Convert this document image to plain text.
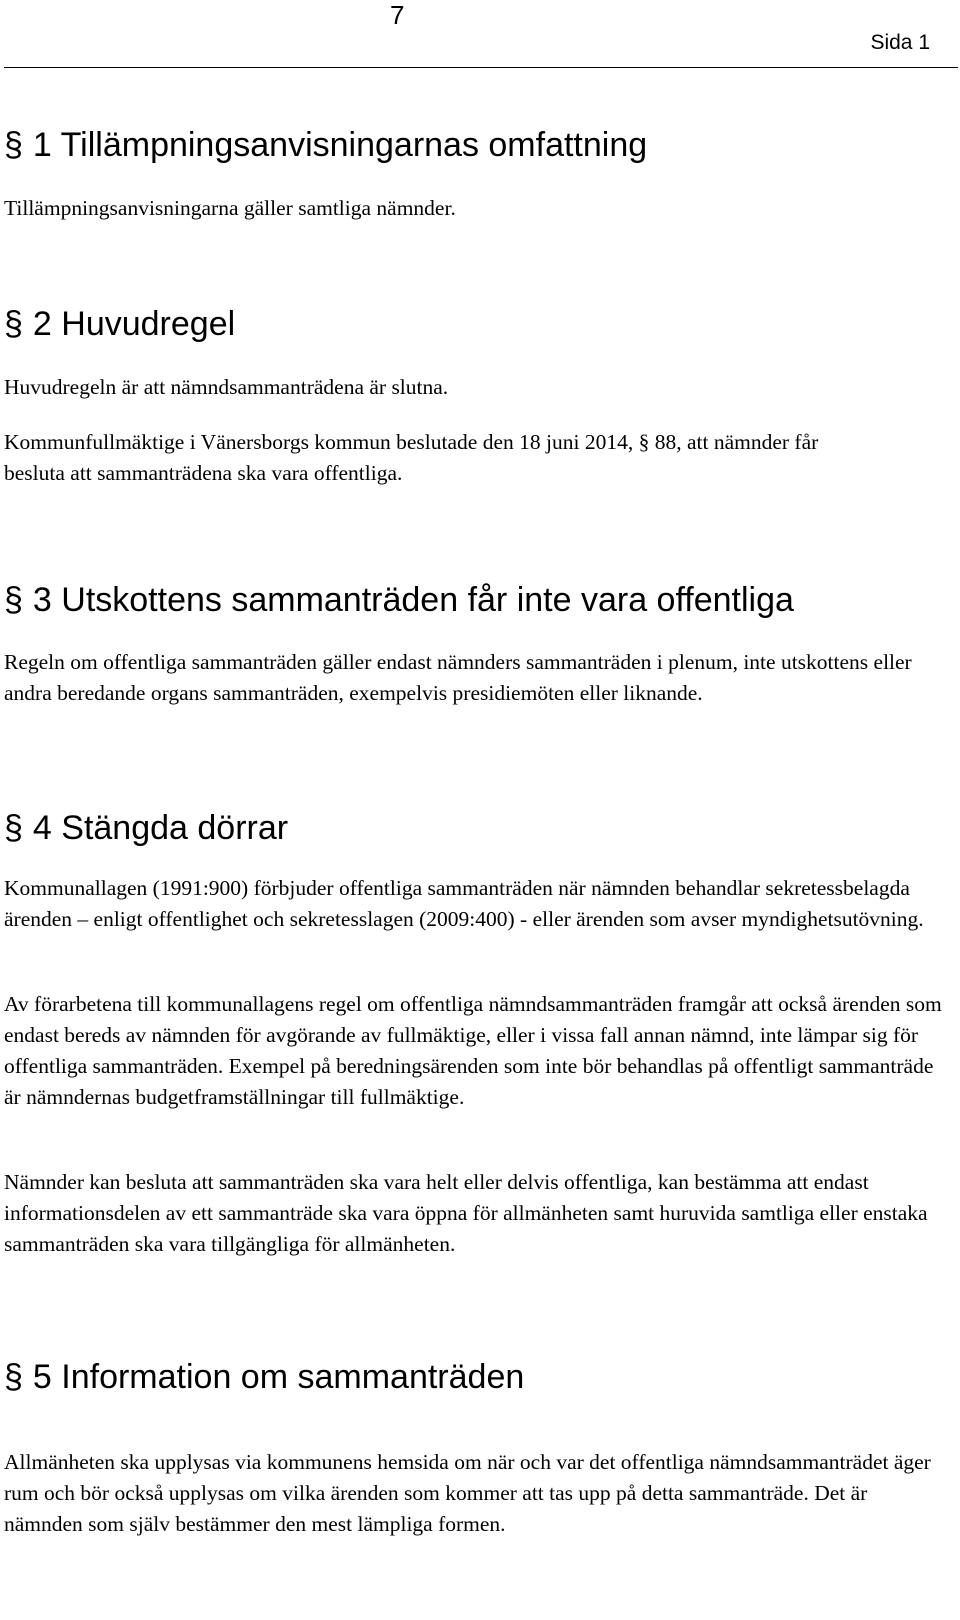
7
Sida 1
§ 1 Tillämpningsanvisningarnas omfattning

Tillämpningsanvisningarna gäller samtliga nämnder.

§ 2 Huvudregel

Huvudregeln är att nämndsammanträdena är slutna.

Kommunfullmäktige i Vänersborgs kommun beslutade den 18 juni 2014, § 88, att nämnder får besluta att sammanträdena ska vara offentliga.

§ 3 Utskottens sammanträden får inte vara offentliga

Regeln om offentliga sammanträden gäller endast nämnders sammanträden i plenum, inte utskottens eller andra beredande organs sammanträden, exempelvis presidiemöten eller liknande.

§ 4 Stängda dörrar

Kommunallagen (1991:900) förbjuder offentliga sammanträden när nämnden behandlar sekretessbelagda ärenden – enligt offentlighet och sekretesslagen (2009:400) - eller ärenden som avser myndighetsutövning.

Av förarbetena till kommunallagens regel om offentliga nämndsammanträden framgår att också ärenden som endast bereds av nämnden för avgörande av fullmäktige, eller i vissa fall annan nämnd, inte lämpar sig för offentliga sammanträden. Exempel på beredningsärenden som inte bör behandlas på offentligt sammanträde är nämndernas budgetframställningar till fullmäktige.

Nämnder kan besluta att sammanträden ska vara helt eller delvis offentliga, kan bestämma att endast informationsdelen av ett sammanträde ska vara öppna för allmänheten samt huruvida samtliga eller enstaka sammanträden ska vara tillgängliga för allmänheten.

§ 5 Information om sammanträden

Allmänheten ska upplysas via kommunens hemsida om när och var det offentliga nämndsammanträdet äger rum och bör också upplysas om vilka ärenden som kommer att tas upp på detta sammanträde. Det är nämnden som själv bestämmer den mest lämpliga formen.
